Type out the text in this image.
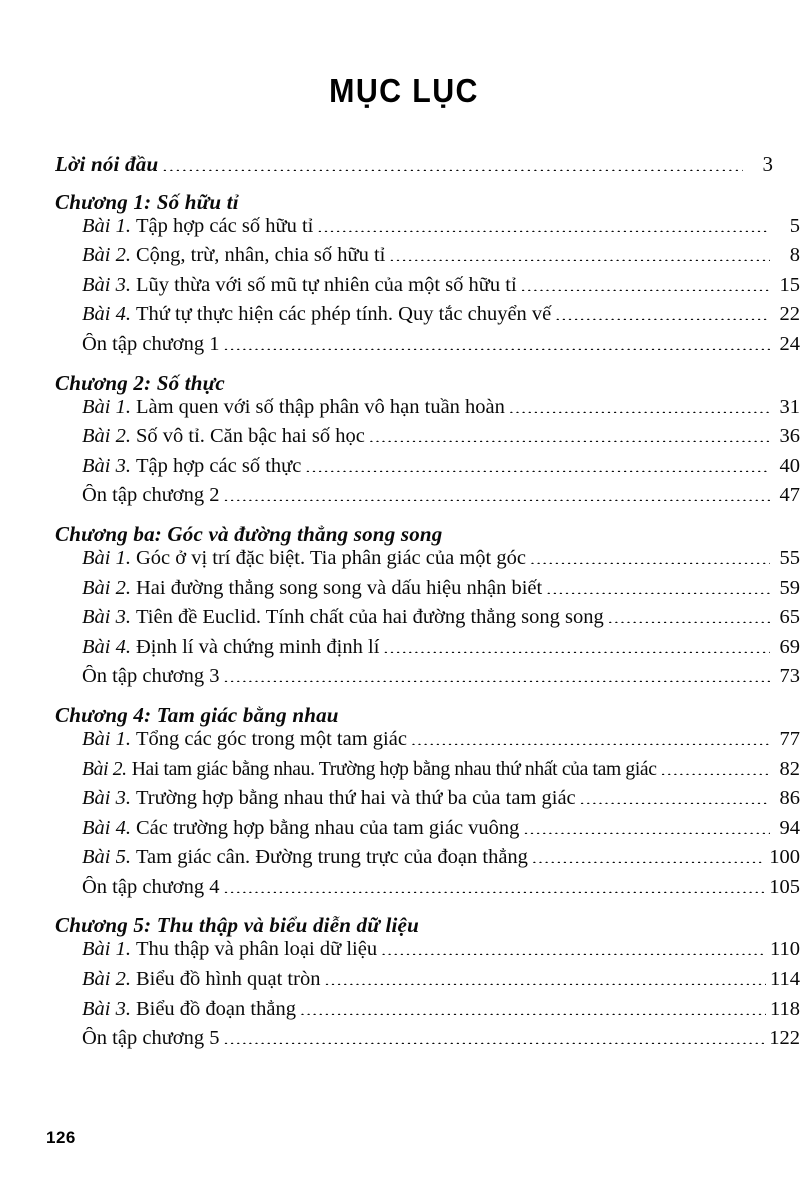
MỤC LỤC
Lời nói đầu .....	3
Chương 1: Số hữu tỉ
Bài 1. Tập hợp các số hữu tỉ .....	5
Bài 2. Cộng, trừ, nhân, chia số hữu tỉ .....	8
Bài 3. Lũy thừa với số mũ tự nhiên của một số hữu tỉ .....	15
Bài 4. Thứ tự thực hiện các phép tính. Quy tắc chuyển vế .....	22
Ôn tập chương 1 .....	24
Chương 2: Số thực
Bài 1. Làm quen với số thập phân vô hạn tuần hoàn .....	31
Bài 2. Số vô tỉ. Căn bậc hai số học .....	36
Bài 3. Tập hợp các số thực .....	40
Ôn tập chương 2 .....	47
Chương ba: Góc và đường thẳng song song
Bài 1. Góc ở vị trí đặc biệt. Tia phân giác của một góc .....	55
Bài 2. Hai đường thẳng song song và dấu hiệu nhận biết .....	59
Bài 3. Tiên đề Euclid. Tính chất của hai đường thẳng song song .....	65
Bài 4. Định lí và chứng minh định lí .....	69
Ôn tập chương 3 .....	73
Chương 4: Tam giác bằng nhau
Bài 1. Tổng các góc trong một tam giác .....	77
Bài 2. Hai tam giác bằng nhau. Trường hợp bằng nhau thứ nhất của tam giác .....	82
Bài 3. Trường hợp bằng nhau thứ hai và thứ ba của tam giác .....	86
Bài 4. Các trường hợp bằng nhau của tam giác vuông .....	94
Bài 5. Tam giác cân. Đường trung trực của đoạn thẳng .....	100
Ôn tập chương 4 .....	105
Chương 5: Thu thập và biểu diễn dữ liệu
Bài 1. Thu thập và phân loại dữ liệu .....	110
Bài 2. Biểu đồ hình quạt tròn .....	114
Bài 3. Biểu đồ đoạn thẳng .....	118
Ôn tập chương 5 .....	122
126
